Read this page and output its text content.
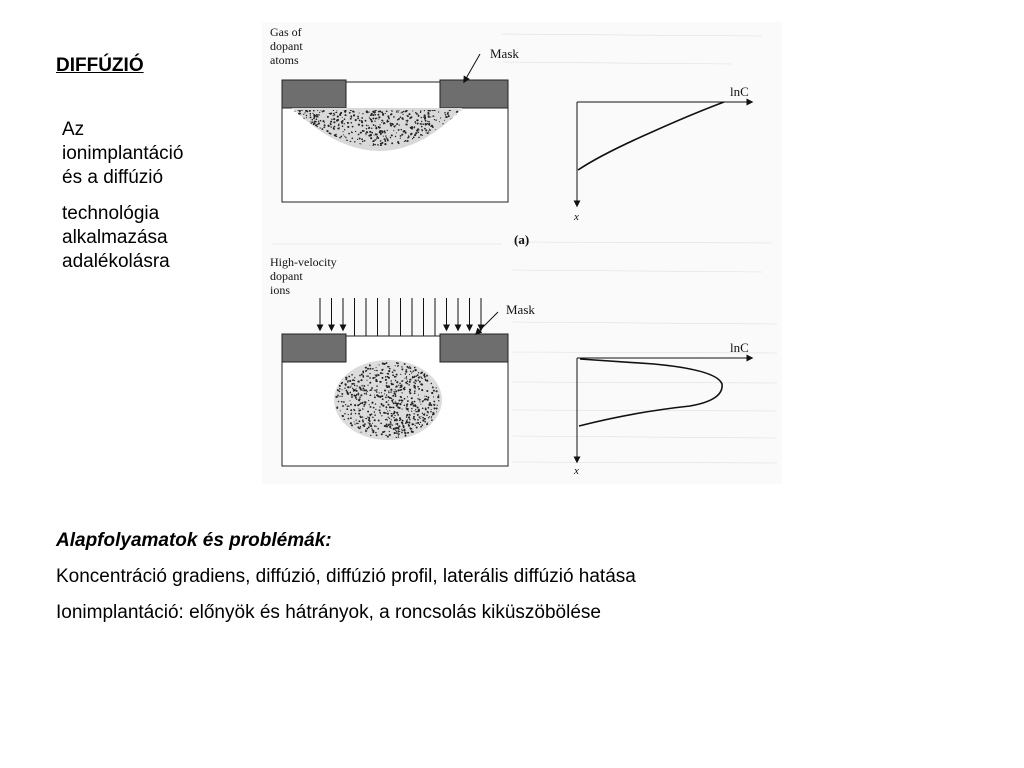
DIFFÚZIÓ

Az
ionimplantáció
és a diffúzió

technológia
alkalmazása
adalékolásra

Gas of
dopant
atoms	Mask
lnC
x
(a)
High-velocity
dopant
ions
Mask
lnC
x

Alapfolyamatok és problémák:

Koncentráció gradiens, diffúzió, diffúzió profil, laterális diffúzió hatása

Ionimplantáció: előnyök és hátrányok, a roncsolás kiküszöbölése
